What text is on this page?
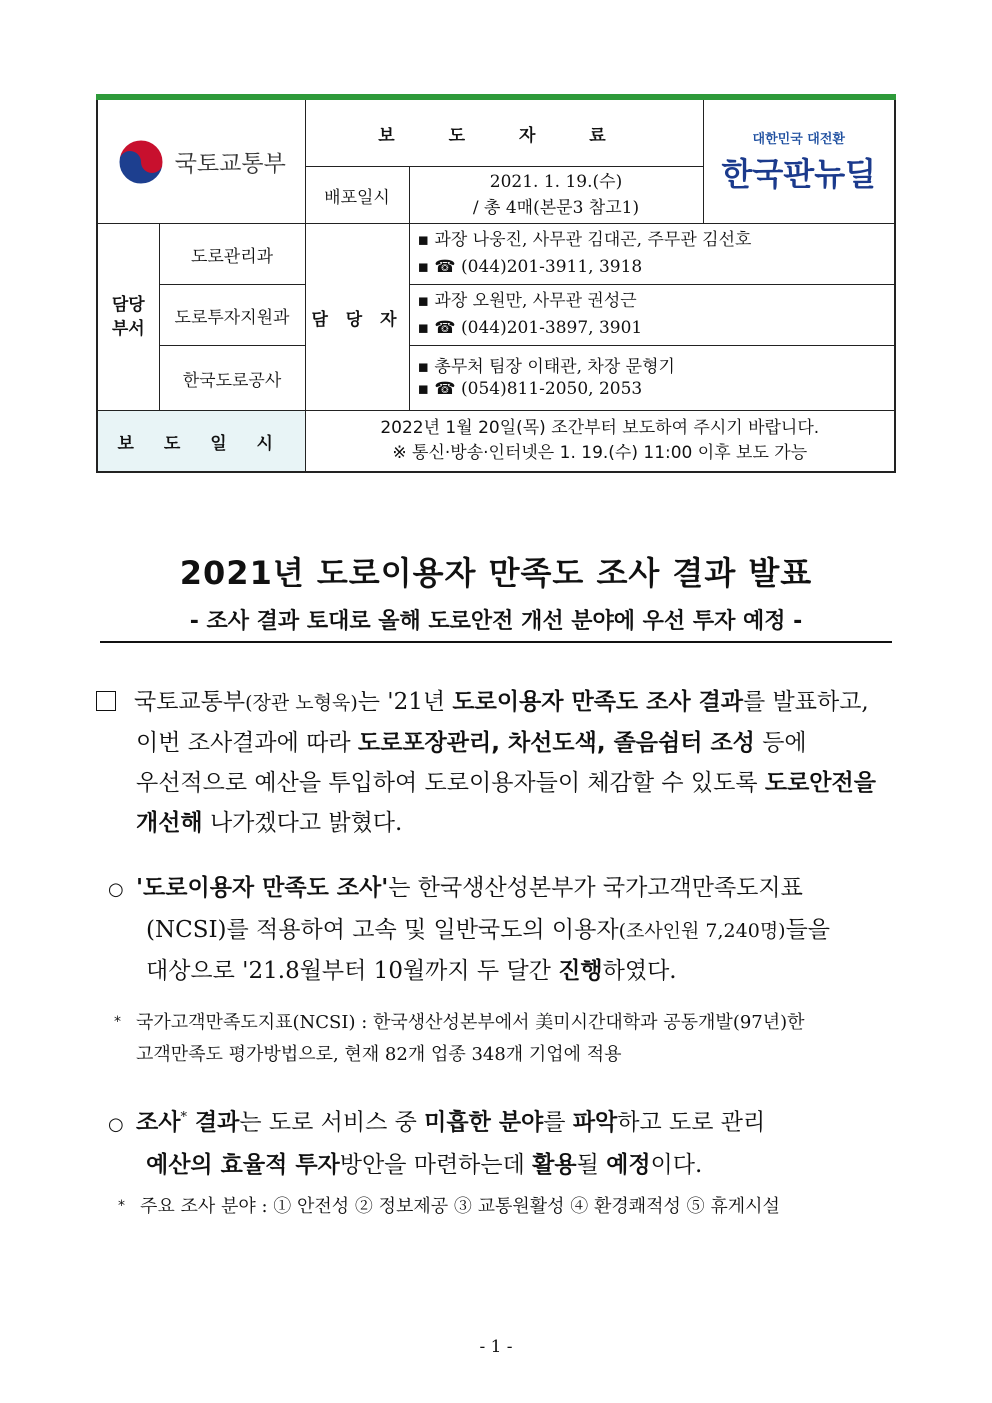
국토교통부		보 도 자 료		대한민국 대전환
한국판뉴딜

		배포일시	2021. 1. 19.(수)
/ 총 4매(본문3 참고1)	

담당 부서	도로관리과	담 당 자	▪ 과장 나웅진, 사무관 김대곤, 주무관 김선호
▪ ☎ (044)201-3911, 3918	

	도로투자지원과		▪ 과장 오원만, 사무관 권성근
▪ ☎ (044)201-3897, 3901	

	한국도로공사		▪ 총무처 팀장 이태관, 차장 문형기
▪ ☎ (054)811-2050, 2053	

보 도 일 시		2022년 1월 20일(목) 조간부터 보도하여 주시기 바랍니다.
※ 통신·방송·인터넷은 1. 19.(수) 11:00 이후 보도 가능		
2021년 도로이용자 만족도 조사 결과 발표
- 조사 결과 토대로 올해 도로안전 개선 분야에 우선 투자 예정 -
국토교통부(장관 노형욱)는 '21년 도로이용자 만족도 조사 결과를 발표하고,
이번 조사결과에 따라 도로포장관리, 차선도색, 졸음쉼터 조성 등에
우선적으로 예산을 투입하여 도로이용자들이 체감할 수 있도록 도로안전을
개선해 나가겠다고 밝혔다.
○ '도로이용자 만족도 조사'는 한국생산성본부가 국가고객만족도지표
(NCSI)를 적용하여 고속 및 일반국도의 이용자(조사인원 7,240명)들을
대상으로 '21.8월부터 10월까지 두 달간 진행하였다.
* 국가고객만족도지표(NCSI) : 한국생산성본부에서 美미시간대학과 공동개발(97년)한
고객만족도 평가방법으로, 현재 82개 업종 348개 기업에 적용
○ 조사* 결과는 도로 서비스 중 미흡한 분야를 파악하고 도로 관리
예산의 효율적 투자방안을 마련하는데 활용될 예정이다.
* 주요 조사 분야 : ① 안전성 ② 정보제공 ③ 교통원활성 ④ 환경쾌적성 ⑤ 휴게시설
- 1 -
